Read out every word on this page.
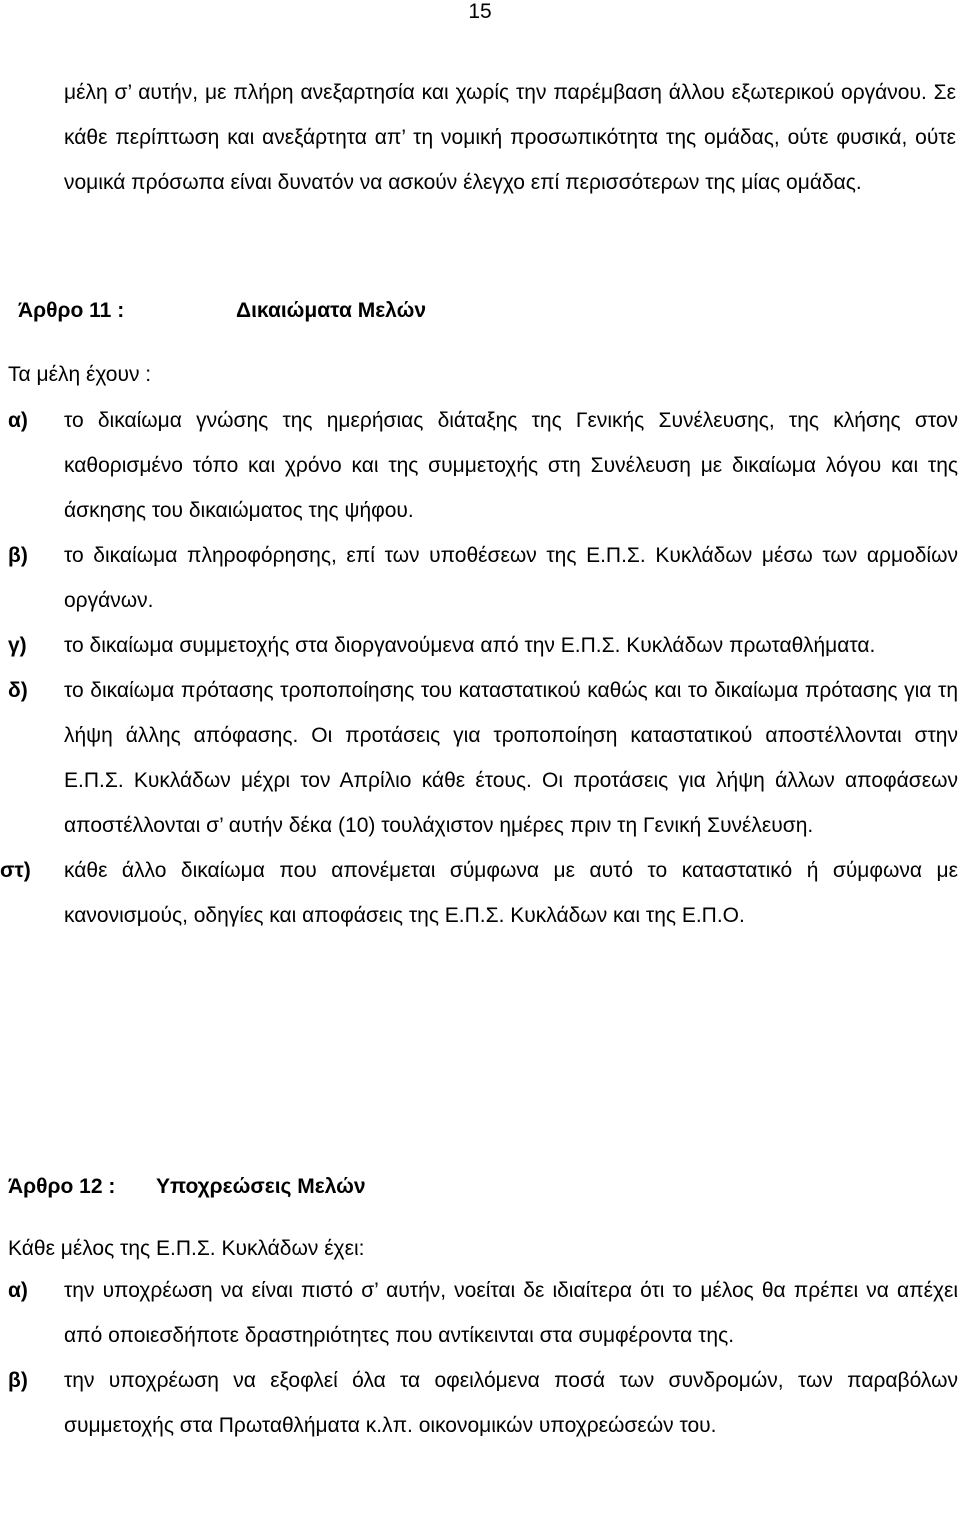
15

μέλη σ’ αυτήν, με πλήρη ανεξαρτησία και χωρίς την παρέμβαση άλλου εξωτερικού οργάνου. Σε κάθε περίπτωση και ανεξάρτητα απ’ τη νομική προσωπικότητα της ομάδας, ούτε φυσικά, ούτε νομικά πρόσωπα είναι δυνατόν να ασκούν έλεγχο επί περισσότερων της μίας ομάδας.

Άρθρο 11 :	Δικαιώματα Μελών
Τα μέλη έχουν :
α) το δικαίωμα γνώσης της ημερήσιας διάταξης της Γενικής Συνέλευσης, της κλήσης στον καθορισμένο τόπο και χρόνο και της συμμετοχής στη Συνέλευση με δικαίωμα λόγου και της άσκησης του δικαιώματος της ψήφου.
β) το δικαίωμα πληροφόρησης, επί των υποθέσεων της Ε.Π.Σ. Κυκλάδων μέσω των αρμοδίων οργάνων.
γ) το δικαίωμα συμμετοχής στα διοργανούμενα από την Ε.Π.Σ. Κυκλάδων πρωταθλήματα.
δ) το δικαίωμα πρότασης τροποποίησης του καταστατικού καθώς και το δικαίωμα πρότασης για τη λήψη άλλης απόφασης. Οι προτάσεις για τροποποίηση καταστατικού αποστέλλονται στην Ε.Π.Σ. Κυκλάδων μέχρι τον Απρίλιο κάθε έτους. Οι προτάσεις για λήψη άλλων αποφάσεων αποστέλλονται σ’ αυτήν δέκα (10) τουλάχιστον ημέρες πριν τη Γενική Συνέλευση.
στ) κάθε άλλο δικαίωμα που απονέμεται σύμφωνα με αυτό το καταστατικό ή σύμφωνα με κανονισμούς, οδηγίες και αποφάσεις της Ε.Π.Σ. Κυκλάδων και της Ε.Π.Ο.
Άρθρο 12 : Υποχρεώσεις Μελών
Κάθε μέλος της Ε.Π.Σ. Κυκλάδων έχει:
α) την υποχρέωση να είναι πιστό σ’ αυτήν, νοείται δε ιδιαίτερα ότι το μέλος θα πρέπει να απέχει από οποιεσδήποτε δραστηριότητες που αντίκεινται στα συμφέροντα της.
β) την υποχρέωση να εξοφλεί όλα τα οφειλόμενα ποσά των συνδρομών, των παραβόλων συμμετοχής στα Πρωταθλήματα κ.λπ. οικονομικών υποχρεώσεών του.
